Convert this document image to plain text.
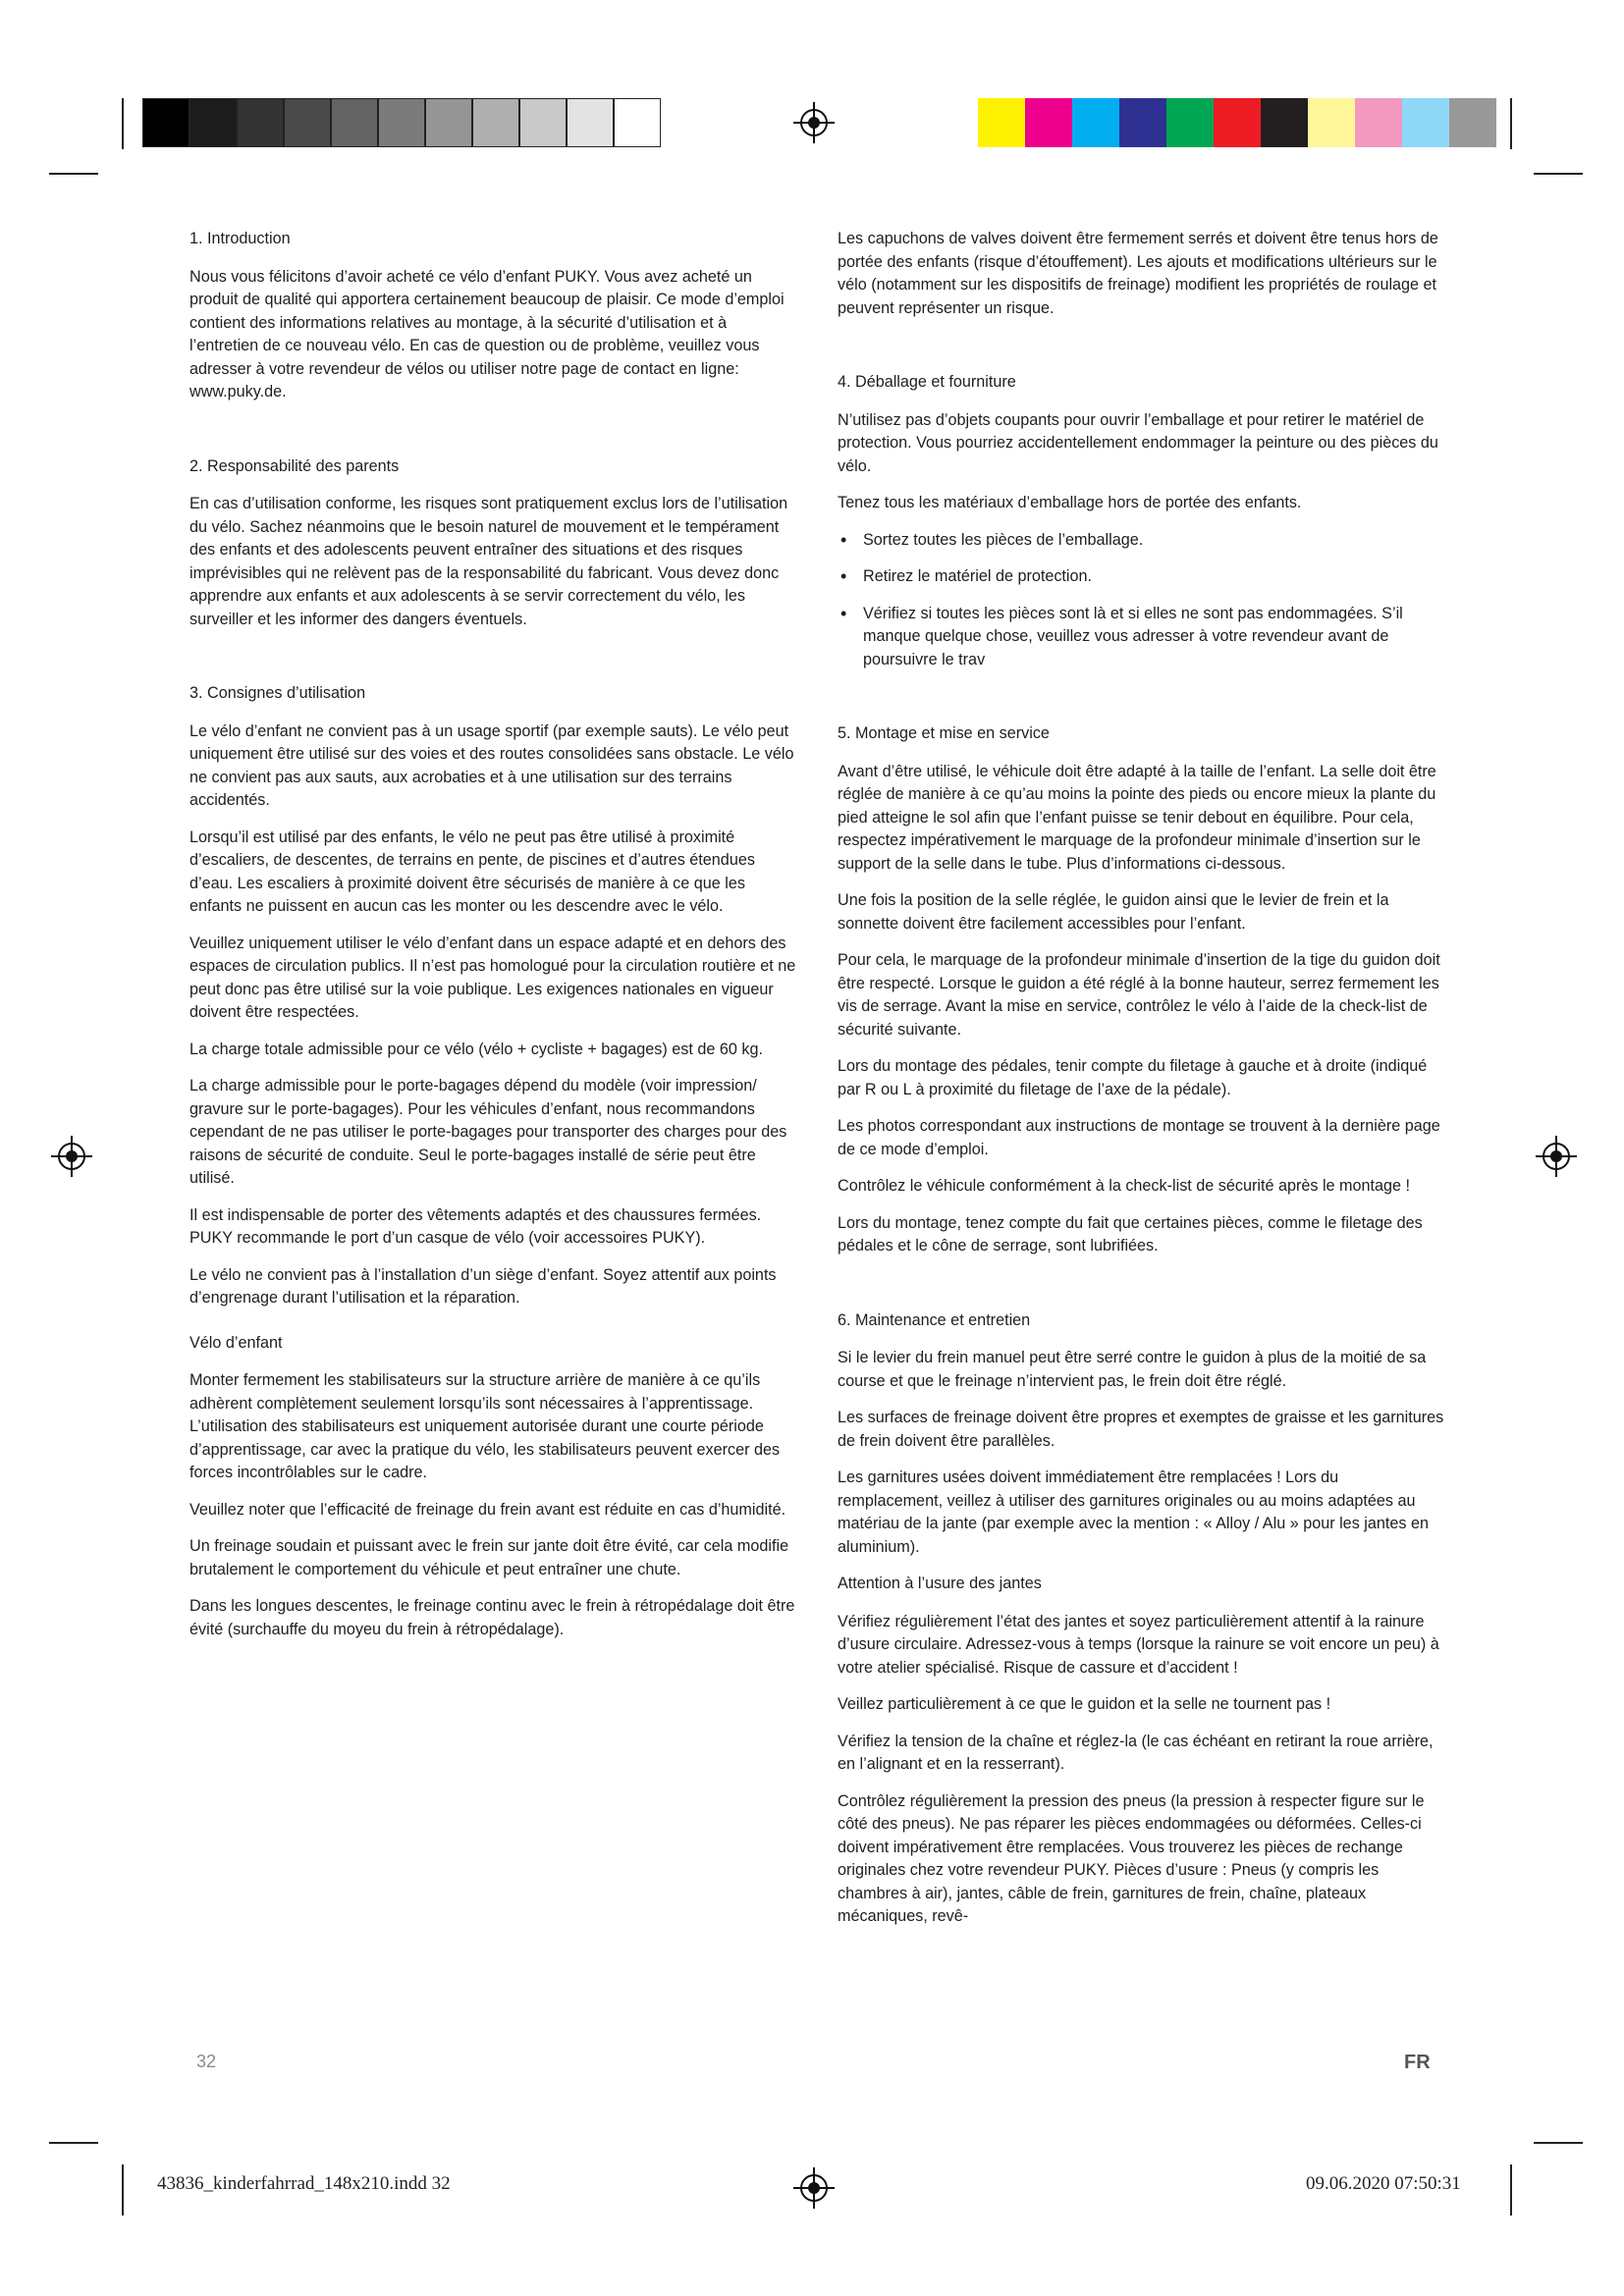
1. Introduction
Nous vous félicitons d’avoir acheté ce vélo d’enfant PUKY. Vous avez acheté un produit de qualité qui apportera certainement beaucoup de plaisir. Ce mode d’emploi contient des informations relatives au montage, à la sécurité d’utilisation et à l’entretien de ce nouveau vélo. En cas de question ou de problème, veuillez vous adresser à votre revendeur de vélos ou utiliser notre page de contact en ligne: www.puky.de.
2. Responsabilité des parents
En cas d’utilisation conforme, les risques sont pratiquement exclus lors de l’utilisation du vélo. Sachez néanmoins que le besoin naturel de mouvement et le tempérament des enfants et des adolescents peuvent entraîner des situations et des risques imprévisibles qui ne relèvent pas de la responsabilité du fabricant. Vous devez donc apprendre aux enfants et aux adolescents à se servir correctement du vélo, les surveiller et les informer des dangers éventuels.
3. Consignes d’utilisation
Le vélo d’enfant ne convient pas à un usage sportif (par exemple sauts). Le vélo peut uniquement être utilisé sur des voies et des routes consolidées sans obstacle. Le vélo ne convient pas aux sauts, aux acrobaties et à une utilisation sur des terrains accidentés.
Lorsqu’il est utilisé par des enfants, le vélo ne peut pas être utilisé à proximité d’escaliers, de descentes, de terrains en pente, de piscines et d’autres étendues d’eau. Les escaliers à proximité doivent être sécurisés de manière à ce que les enfants ne puissent en aucun cas les monter ou les descendre avec le vélo.
Veuillez uniquement utiliser le vélo d’enfant dans un espace adapté et en dehors des espaces de circulation publics. Il n’est pas homologué pour la circulation routière et ne peut donc pas être utilisé sur la voie publique. Les exigences nationales en vigueur doivent être respectées.
La charge totale admissible pour ce vélo (vélo + cycliste + bagages) est de 60 kg.
La charge admissible pour le porte-bagages dépend du modèle (voir impression/ gravure sur le porte-bagages). Pour les véhicules d’enfant, nous recommandons cependant de ne pas utiliser le porte-bagages pour transporter des charges pour des raisons de sécurité de conduite. Seul le porte-bagages installé de série peut être utilisé.
Il est indispensable de porter des vêtements adaptés et des chaussures fermées. PUKY recommande le port d’un casque de vélo (voir accessoires PUKY).
Le vélo ne convient pas à l’installation d’un siège d’enfant. Soyez attentif aux points d’engrenage durant l’utilisation et la réparation.
Vélo d’enfant
Monter fermement les stabilisateurs sur la structure arrière de manière à ce qu’ils adhèrent complètement seulement lorsqu’ils sont nécessaires à l’apprentissage. L’utilisation des stabilisateurs est uniquement autorisée durant une courte période d’apprentissage, car avec la pratique du vélo, les stabilisateurs peuvent exercer des forces incontrôlables sur le cadre.
Veuillez noter que l’efficacité de freinage du frein avant est réduite en cas d’humidité.
Un freinage soudain et puissant avec le frein sur jante doit être évité, car cela modifie brutalement le comportement du véhicule et peut entraîner une chute.
Dans les longues descentes, le freinage continu avec le frein à rétropédalage doit être évité (surchauffe du moyeu du frein à rétropédalage).
Les capuchons de valves doivent être fermement serrés et doivent être tenus hors de portée des enfants (risque d’étouffement). Les ajouts et modifications ultérieurs sur le vélo (notamment sur les dispositifs de freinage) modifient les propriétés de roulage et peuvent représenter un risque.
4. Déballage et fourniture
N’utilisez pas d’objets coupants pour ouvrir l’emballage et pour retirer le matériel de protection. Vous pourriez accidentellement endommager la peinture ou des pièces du vélo.
Tenez tous les matériaux d’emballage hors de portée des enfants.
• Sortez toutes les pièces de l’emballage.
• Retirez le matériel de protection.
• Vérifiez si toutes les pièces sont là et si elles ne sont pas endommagées. S’il manque quelque chose, veuillez vous adresser à votre revendeur avant de poursuivre le trav
5. Montage et mise en service
Avant d’être utilisé, le véhicule doit être adapté à la taille de l’enfant. La selle doit être réglée de manière à ce qu’au moins la pointe des pieds ou encore mieux la plante du pied atteigne le sol afin que l’enfant puisse se tenir debout en équilibre. Pour cela, respectez impérativement le marquage de la profondeur minimale d’insertion sur le support de la selle dans le tube. Plus d’informations ci-dessous.
Une fois la position de la selle réglée, le guidon ainsi que le levier de frein et la sonnette doivent être facilement accessibles pour l’enfant.
Pour cela, le marquage de la profondeur minimale d’insertion de la tige du guidon doit être respecté. Lorsque le guidon a été réglé à la bonne hauteur, serrez fermement les vis de serrage. Avant la mise en service, contrôlez le vélo à l’aide de la check-list de sécurité suivante.
Lors du montage des pédales, tenir compte du filetage à gauche et à droite (indiqué par R ou L à proximité du filetage de l’axe de la pédale).
Les photos correspondant aux instructions de montage se trouvent à la dernière page de ce mode d’emploi.
Contrôlez le véhicule conformément à la check-list de sécurité après le montage !
Lors du montage, tenez compte du fait que certaines pièces, comme le filetage des pédales et le cône de serrage, sont lubrifiées.
6. Maintenance et entretien
Si le levier du frein manuel peut être serré contre le guidon à plus de la moitié de sa course et que le freinage n’intervient pas, le frein doit être réglé.
Les surfaces de freinage doivent être propres et exemptes de graisse et les garnitures de frein doivent être parallèles.
Les garnitures usées doivent immédiatement être remplacées ! Lors du remplacement, veillez à utiliser des garnitures originales ou au moins adaptées au matériau de la jante (par exemple avec la mention : « Alloy / Alu » pour les jantes en aluminium).
Attention à l’usure des jantes
Vérifiez régulièrement l’état des jantes et soyez particulièrement attentif à la rainure d’usure circulaire. Adressez-vous à temps (lorsque la rainure se voit encore un peu) à votre atelier spécialisé. Risque de cassure et d’accident !
Veillez particulièrement à ce que le guidon et la selle ne tournent pas !
Vérifiez la tension de la chaîne et réglez-la (le cas échéant en retirant la roue arrière, en l’alignant et en la resserrant).
Contrôlez régulièrement la pression des pneus (la pression à respecter figure sur le côté des pneus). Ne pas réparer les pièces endommagées ou déformées. Celles-ci doivent impérativement être remplacées. Vous trouverez les pièces de rechange originales chez votre revendeur PUKY. Pièces d’usure : Pneus (y compris les chambres à air), jantes, câble de frein, garnitures de frein, chaîne, plateaux mécaniques, revê-
32	FR
43836_kinderfahrrad_148x210.indd 32	09.06.2020 07:50:31
